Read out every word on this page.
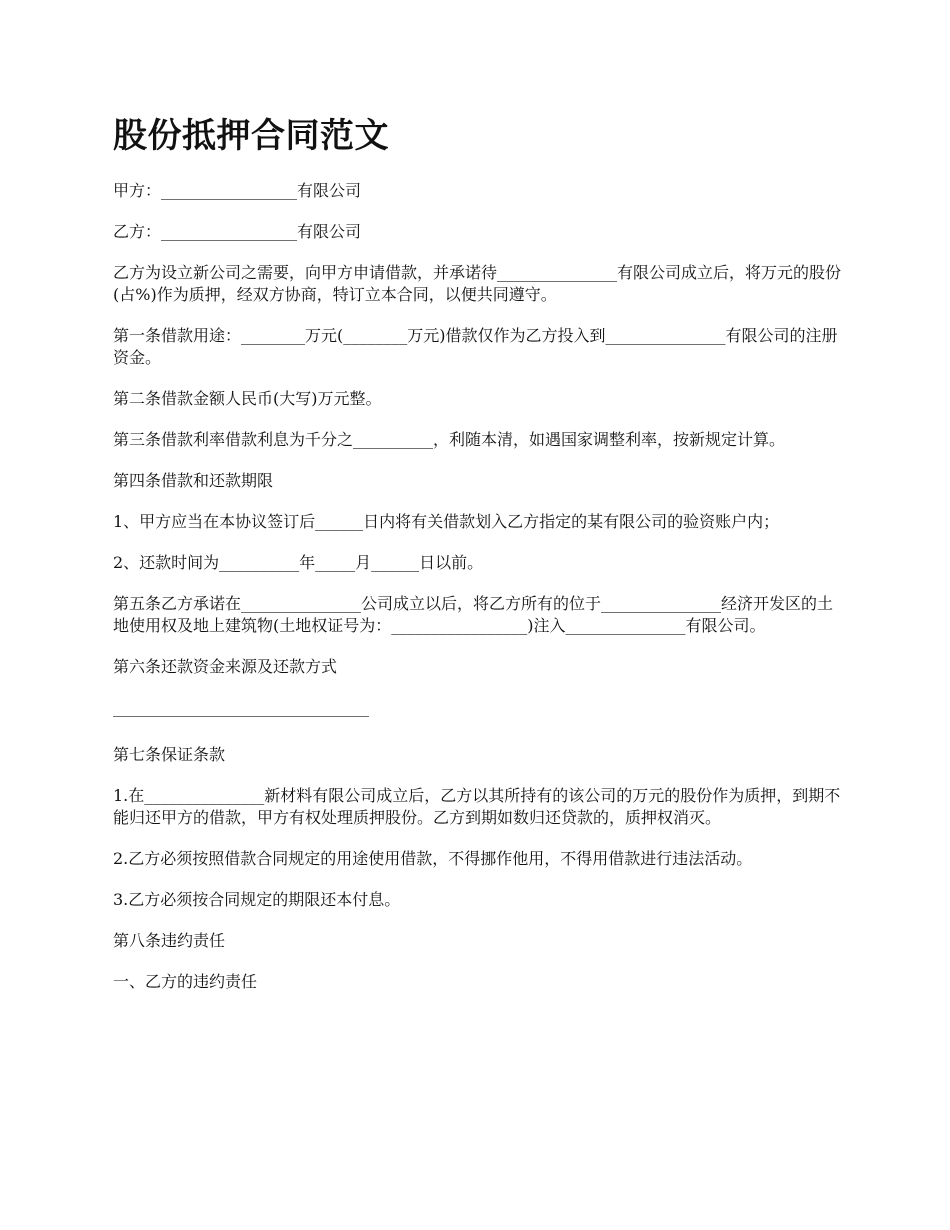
股份抵押合同范文

甲方：_________________有限公司

乙方：_________________有限公司

乙方为设立新公司之需要，向甲方申请借款，并承诺待_______________有限公司成立后，将万元的股份(占%)作为质押，经双方协商，特订立本合同，以便共同遵守。

第一条借款用途：________万元(________万元)借款仅作为乙方投入到_______________有限公司的注册资金。

第二条借款金额人民币(大写)万元整。

第三条借款利率借款利息为千分之__________，利随本清，如遇国家调整利率，按新规定计算。

第四条借款和还款期限

1、甲方应当在本协议签订后______日内将有关借款划入乙方指定的某有限公司的验资账户内；

2、还款时间为__________年_____月______日以前。

第五条乙方承诺在_______________公司成立以后，将乙方所有的位于_______________经济开发区的土地使用权及地上建筑物(土地权证号为：_________________)注入_______________有限公司。

第六条还款资金来源及还款方式

________________________________

第七条保证条款

1.在_______________新材料有限公司成立后，乙方以其所持有的该公司的万元的股份作为质押，到期不能归还甲方的借款，甲方有权处理质押股份。乙方到期如数归还贷款的，质押权消灭。

2.乙方必须按照借款合同规定的用途使用借款，不得挪作他用，不得用借款进行违法活动。

3.乙方必须按合同规定的期限还本付息。

第八条违约责任

一、乙方的违约责任
